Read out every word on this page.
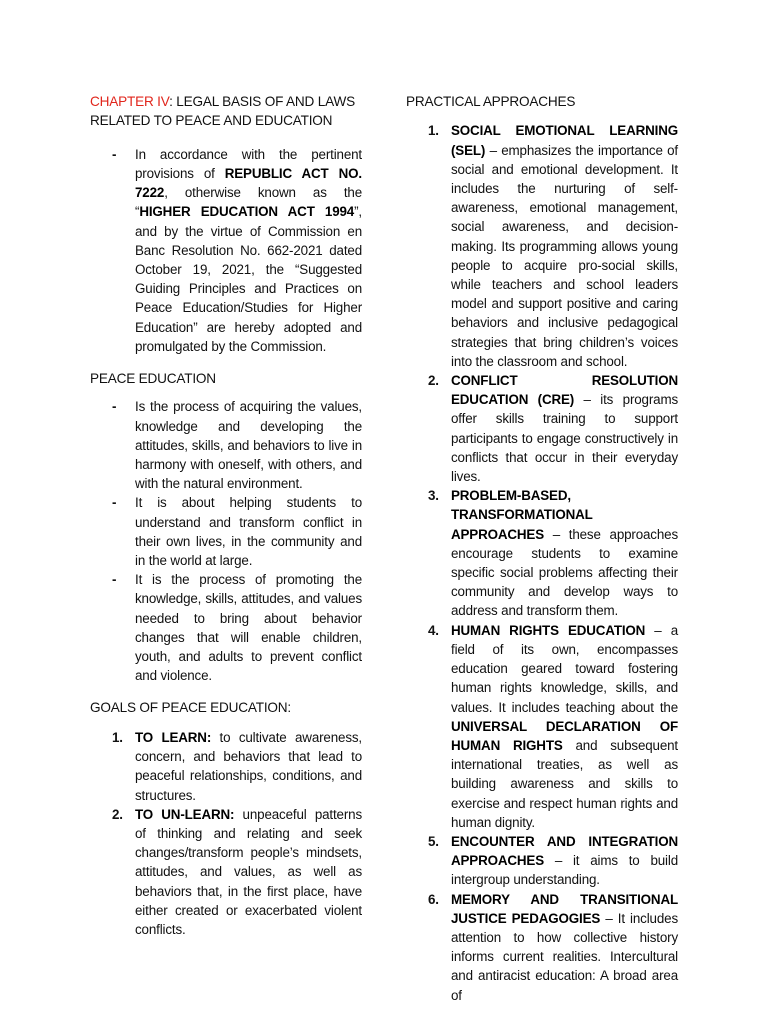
CHAPTER IV: LEGAL BASIS OF AND LAWS RELATED TO PEACE AND EDUCATION

- In accordance with the pertinent provisions of REPUBLIC ACT NO. 7222, otherwise known as the “HIGHER EDUCATION ACT 1994”, and by the virtue of Commission en Banc Resolution No. 662-2021 dated October 19, 2021, the “Suggested Guiding Principles and Practices on Peace Education/Studies for Higher Education” are hereby adopted and promulgated by the Commission.

PEACE EDUCATION

- Is the process of acquiring the values, knowledge and developing the attitudes, skills, and behaviors to live in harmony with oneself, with others, and with the natural environment.
- It is about helping students to understand and transform conflict in their own lives, in the community and in the world at large.
- It is the process of promoting the knowledge, skills, attitudes, and values needed to bring about behavior changes that will enable children, youth, and adults to prevent conflict and violence.

GOALS OF PEACE EDUCATION:

1. TO LEARN: to cultivate awareness, concern, and behaviors that lead to peaceful relationships, conditions, and structures.
2. TO UN-LEARN: unpeaceful patterns of thinking and relating and seek changes/transform people’s mindsets, attitudes, and values, as well as behaviors that, in the first place, have either created or exacerbated violent conflicts.

PRACTICAL APPROACHES

1. SOCIAL EMOTIONAL LEARNING (SEL) – emphasizes the importance of social and emotional development. It includes the nurturing of self-awareness, emotional management, social awareness, and decision-making. Its programming allows young people to acquire pro-social skills, while teachers and school leaders model and support positive and caring behaviors and inclusive pedagogical strategies that bring children’s voices into the classroom and school.
2. CONFLICT RESOLUTION EDUCATION (CRE) – its programs offer skills training to support participants to engage constructively in conflicts that occur in their everyday lives.
3. PROBLEM-BASED, TRANSFORMATIONAL APPROACHES – these approaches encourage students to examine specific social problems affecting their community and develop ways to address and transform them.
4. HUMAN RIGHTS EDUCATION – a field of its own, encompasses education geared toward fostering human rights knowledge, skills, and values. It includes teaching about the UNIVERSAL DECLARATION OF HUMAN RIGHTS and subsequent international treaties, as well as building awareness and skills to exercise and respect human rights and human dignity.
5. ENCOUNTER AND INTEGRATION APPROACHES – it aims to build intergroup understanding.
6. MEMORY AND TRANSITIONAL JUSTICE PEDAGOGIES – It includes attention to how collective history informs current realities. Intercultural and antiracist education: A broad area of
